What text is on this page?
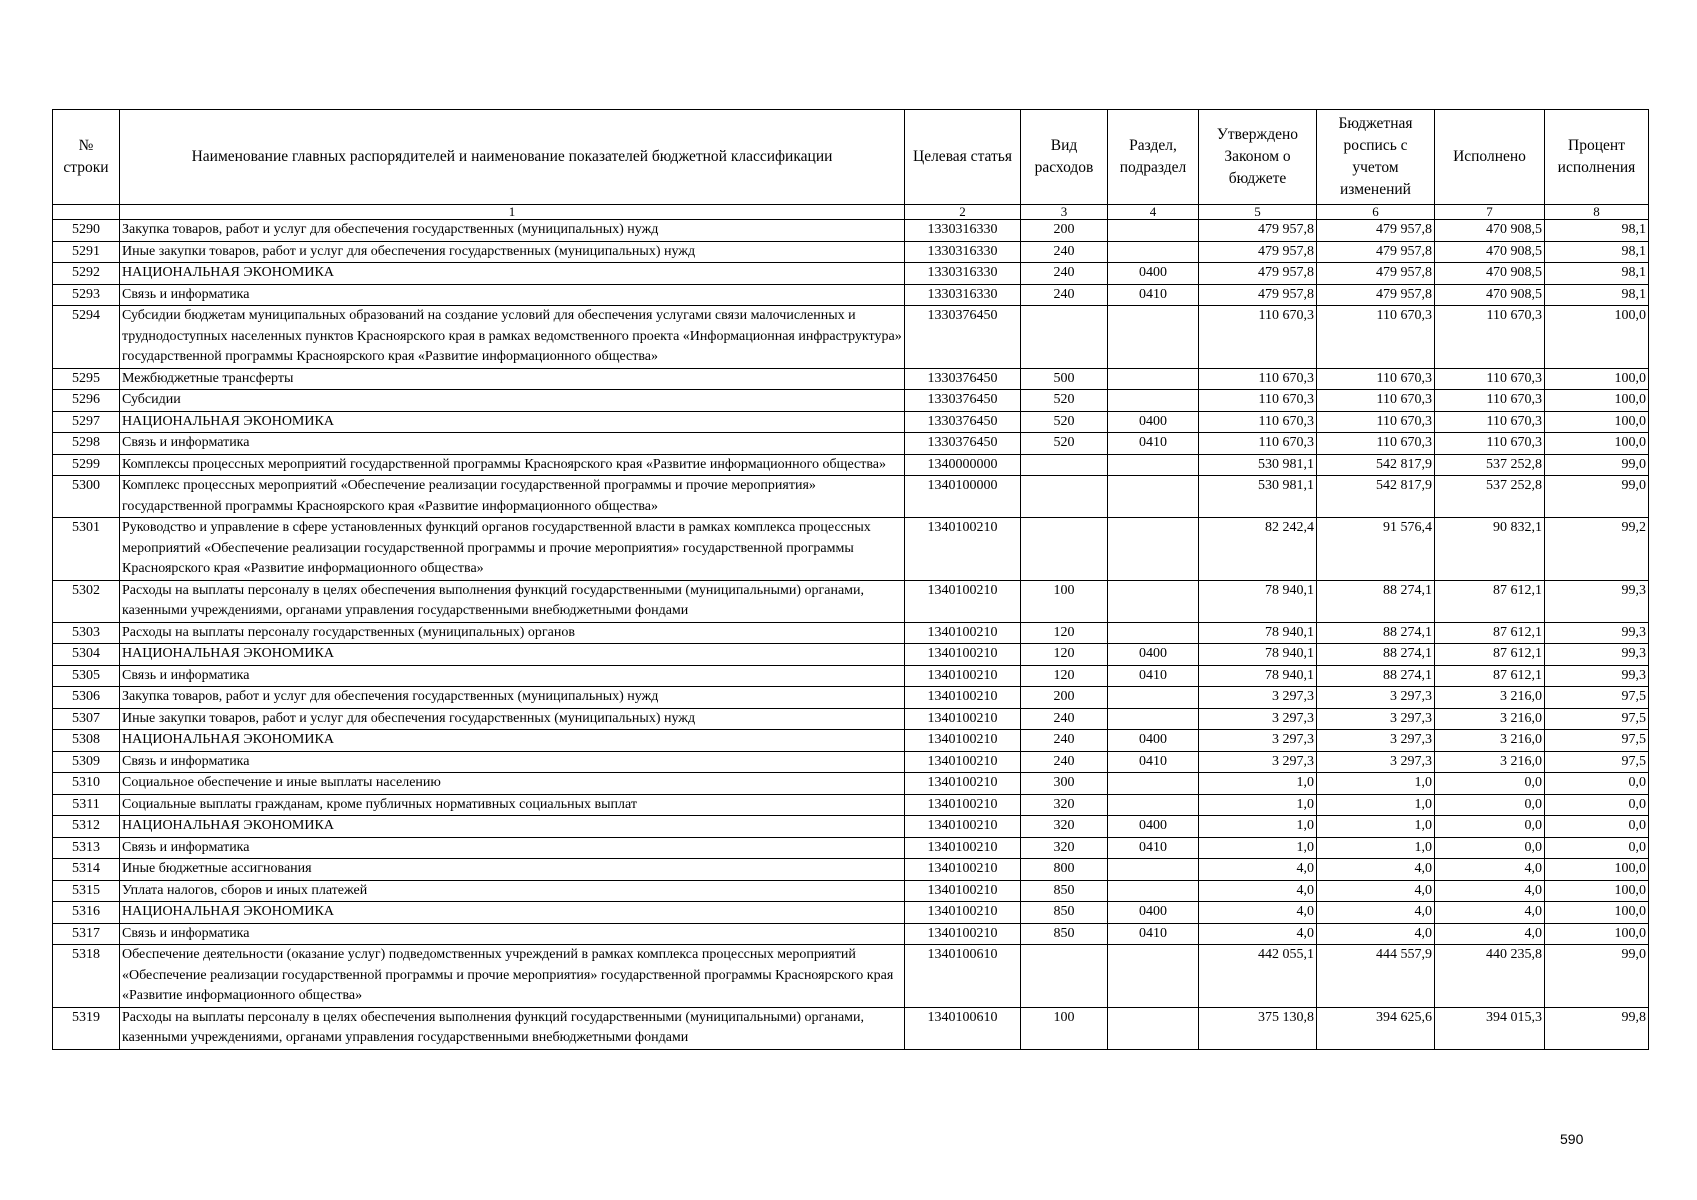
№ строки	Наименование главных распорядителей и наименование показателей бюджетной классификации	Целевая статья	Вид расходов	Раздел, подраздел	Утверждено Законом о бюджете	Бюджетная роспись с учетом изменений	Исполнено	Процент исполнения
	1	2	3	4	5	6	7	8
5290	Закупка товаров, работ и услуг для обеспечения государственных (муниципальных) нужд	1330316330	200		479 957,8	479 957,8	470 908,5	98,1
5291	Иные закупки товаров, работ и услуг для обеспечения государственных (муниципальных) нужд	1330316330	240		479 957,8	479 957,8	470 908,5	98,1
5292	НАЦИОНАЛЬНАЯ ЭКОНОМИКА	1330316330	240	0400	479 957,8	479 957,8	470 908,5	98,1
5293	Связь и информатика	1330316330	240	0410	479 957,8	479 957,8	470 908,5	98,1
5294	Субсидии бюджетам муниципальных образований на создание условий для обеспечения услугами связи малочисленных и труднодоступных населенных пунктов Красноярского края в рамках ведомственного проекта «Информационная инфраструктура» государственной программы Красноярского края «Развитие информационного общества»	1330376450			110 670,3	110 670,3	110 670,3	100,0
5295	Межбюджетные трансферты	1330376450	500		110 670,3	110 670,3	110 670,3	100,0
5296	Субсидии	1330376450	520		110 670,3	110 670,3	110 670,3	100,0
5297	НАЦИОНАЛЬНАЯ ЭКОНОМИКА	1330376450	520	0400	110 670,3	110 670,3	110 670,3	100,0
5298	Связь и информатика	1330376450	520	0410	110 670,3	110 670,3	110 670,3	100,0
5299	Комплексы процессных мероприятий государственной программы Красноярского края «Развитие информационного общества»	1340000000			530 981,1	542 817,9	537 252,8	99,0
5300	Комплекс процессных мероприятий «Обеспечение реализации государственной программы и прочие мероприятия» государственной программы Красноярского края «Развитие информационного общества»	1340100000			530 981,1	542 817,9	537 252,8	99,0
5301	Руководство и управление в сфере установленных функций органов государственной власти в рамках комплекса процессных мероприятий «Обеспечение реализации государственной программы и прочие мероприятия» государственной программы Красноярского края «Развитие информационного общества»	1340100210			82 242,4	91 576,4	90 832,1	99,2
5302	Расходы на выплаты персоналу в целях обеспечения выполнения функций государственными (муниципальными) органами, казенными учреждениями, органами управления государственными внебюджетными фондами	1340100210	100		78 940,1	88 274,1	87 612,1	99,3
5303	Расходы на выплаты персоналу государственных (муниципальных) органов	1340100210	120		78 940,1	88 274,1	87 612,1	99,3
5304	НАЦИОНАЛЬНАЯ ЭКОНОМИКА	1340100210	120	0400	78 940,1	88 274,1	87 612,1	99,3
5305	Связь и информатика	1340100210	120	0410	78 940,1	88 274,1	87 612,1	99,3
5306	Закупка товаров, работ и услуг для обеспечения государственных (муниципальных) нужд	1340100210	200		3 297,3	3 297,3	3 216,0	97,5
5307	Иные закупки товаров, работ и услуг для обеспечения государственных (муниципальных) нужд	1340100210	240		3 297,3	3 297,3	3 216,0	97,5
5308	НАЦИОНАЛЬНАЯ ЭКОНОМИКА	1340100210	240	0400	3 297,3	3 297,3	3 216,0	97,5
5309	Связь и информатика	1340100210	240	0410	3 297,3	3 297,3	3 216,0	97,5
5310	Социальное обеспечение и иные выплаты населению	1340100210	300		1,0	1,0	0,0	0,0
5311	Социальные выплаты гражданам, кроме публичных нормативных социальных выплат	1340100210	320		1,0	1,0	0,0	0,0
5312	НАЦИОНАЛЬНАЯ ЭКОНОМИКА	1340100210	320	0400	1,0	1,0	0,0	0,0
5313	Связь и информатика	1340100210	320	0410	1,0	1,0	0,0	0,0
5314	Иные бюджетные ассигнования	1340100210	800		4,0	4,0	4,0	100,0
5315	Уплата налогов, сборов и иных платежей	1340100210	850		4,0	4,0	4,0	100,0
5316	НАЦИОНАЛЬНАЯ ЭКОНОМИКА	1340100210	850	0400	4,0	4,0	4,0	100,0
5317	Связь и информатика	1340100210	850	0410	4,0	4,0	4,0	100,0
5318	Обеспечение деятельности (оказание услуг) подведомственных учреждений в рамках комплекса процессных мероприятий «Обеспечение реализации государственной программы и прочие мероприятия» государственной программы Красноярского края «Развитие информационного общества»	1340100610			442 055,1	444 557,9	440 235,8	99,0
5319	Расходы на выплаты персоналу в целях обеспечения выполнения функций государственными (муниципальными) органами, казенными учреждениями, органами управления государственными внебюджетными фондами	1340100610	100		375 130,8	394 625,6	394 015,3	99,8
590
